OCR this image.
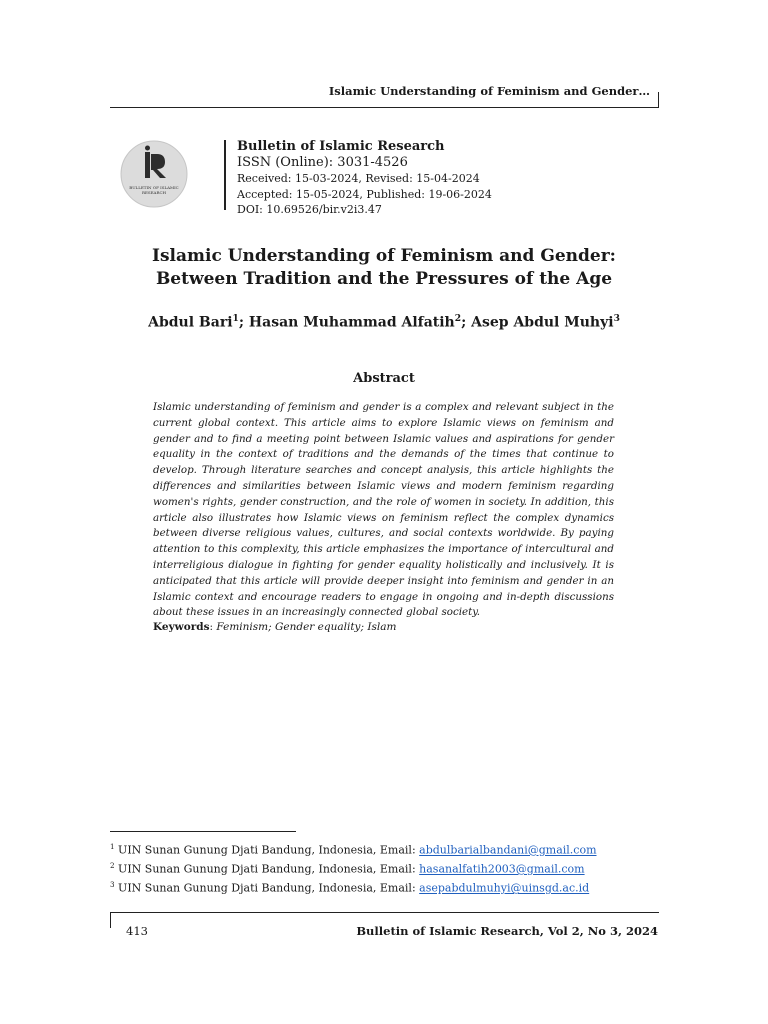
Islamic Understanding of Feminism and Gender…
BULLETIN OF ISLAMIC
RESEARCH
Bulletin of Islamic Research
ISSN (Online): 3031-4526
Received: 15-03-2024, Revised: 15-04-2024
Accepted: 15-05-2024, Published: 19-06-2024
DOI: 10.69526/bir.v2i3.47
Islamic Understanding of Feminism and Gender:
Between Tradition and the Pressures of the Age
Abdul Bari$^1$; Hasan Muhammad Alfatih$^2$; Asep Abdul Muhyi$^3$
Abstract
Islamic understanding of feminism and gender is a complex and relevant subject in the current global context. This article aims to explore Islamic views on feminism and gender and to find a meeting point between Islamic values and aspirations for gender equality in the context of traditions and the demands of the times that continue to develop. Through literature searches and concept analysis, this article highlights the differences and similarities between Islamic views and modern feminism regarding women's rights, gender construction, and the role of women in society. In addition, this article also illustrates how Islamic views on feminism reflect the complex dynamics between diverse religious values, cultures, and social contexts worldwide. By paying attention to this complexity, this article emphasizes the importance of intercultural and interreligious dialogue in fighting for gender equality holistically and inclusively. It is anticipated that this article will provide deeper insight into feminism and gender in an Islamic context and encourage readers to engage in ongoing and in-depth discussions about these issues in an increasingly connected global society.
Keywords: Feminism; Gender equality; Islam
$^1$ UIN Sunan Gunung Djati Bandung, Indonesia, Email: abdulbarialbandani@gmail.com
$^2$ UIN Sunan Gunung Djati Bandung, Indonesia, Email: hasanalfatih2003@gmail.com
$^3$ UIN Sunan Gunung Djati Bandung, Indonesia, Email: asepabdulmuhyi@uinsgd.ac.id
413	Bulletin of Islamic Research, Vol 2, No 3, 2024
